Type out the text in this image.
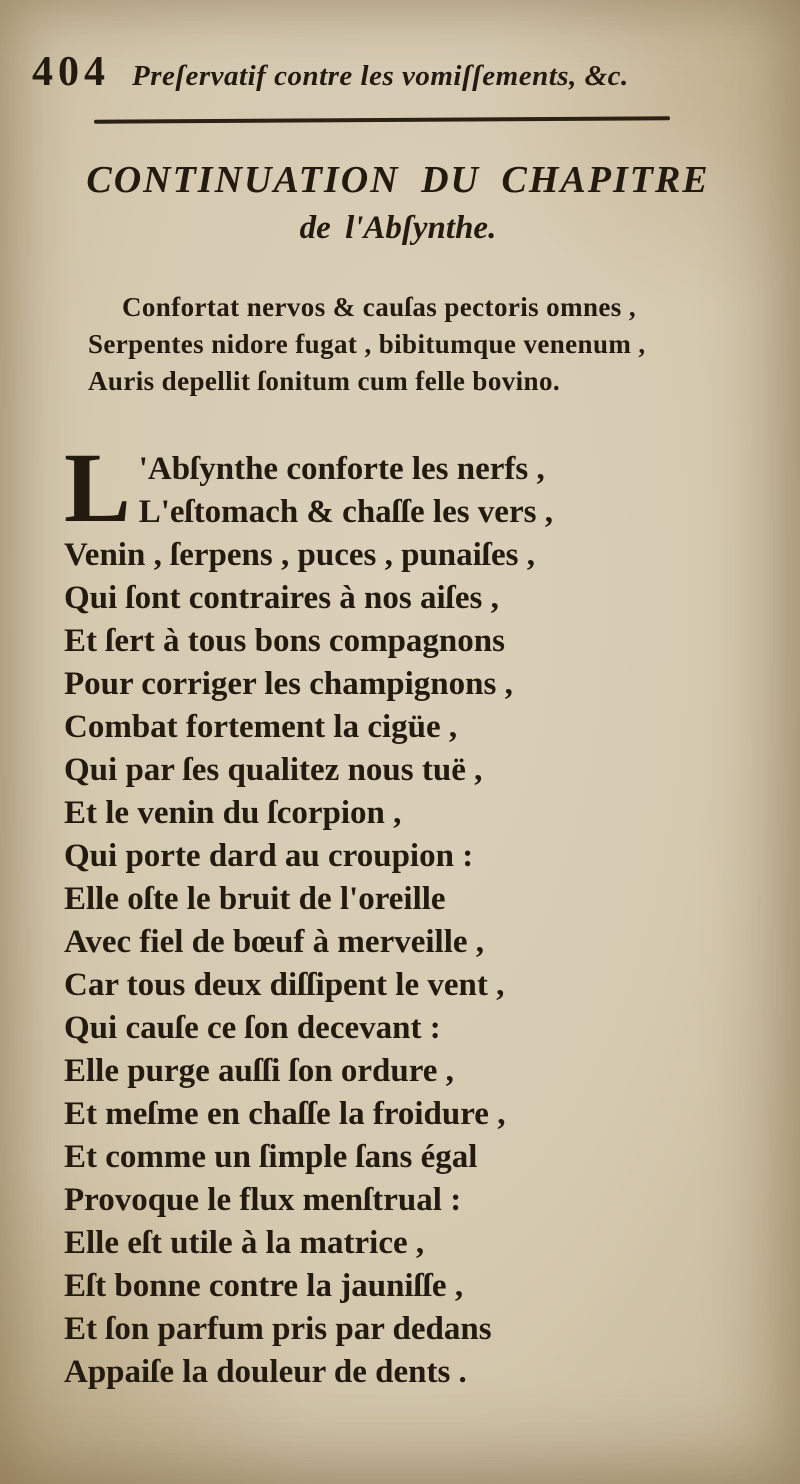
404 Preſervatif contre les vomiſſements, &c.
CONTINUATION DU CHAPITRE
de l'Abſynthe.
Confortat nervos & cauſas pectoris omnes ,
Serpentes nidore fugat , bibitumque venenum ,
Auris depellit ſonitum cum felle bovino.
L 'Abſynthe conforte les nerfs ,
L'eſtomach & chaſſe les vers ,
Venin , ſerpens , puces , punaiſes ,
Qui ſont contraires à nos aiſes ,
Et ſert à tous bons compagnons
Pour corriger les champignons ,
Combat fortement la cigüe ,
Qui par ſes qualitez nous tuë ,
Et le venin du ſcorpion ,
Qui porte dard au croupion :
Elle oſte le bruit de l'oreille
Avec fiel de bœuf à merveille ,
Car tous deux diſſipent le vent ,
Qui cauſe ce ſon decevant :
Elle purge auſſi ſon ordure ,
Et meſme en chaſſe la froidure ,
Et comme un ſimple ſans égal
Provoque le flux menſtrual :
Elle eſt utile à la matrice ,
Eſt bonne contre la jauniſſe ,
Et ſon parfum pris par dedans
Appaiſe la douleur de dents .
